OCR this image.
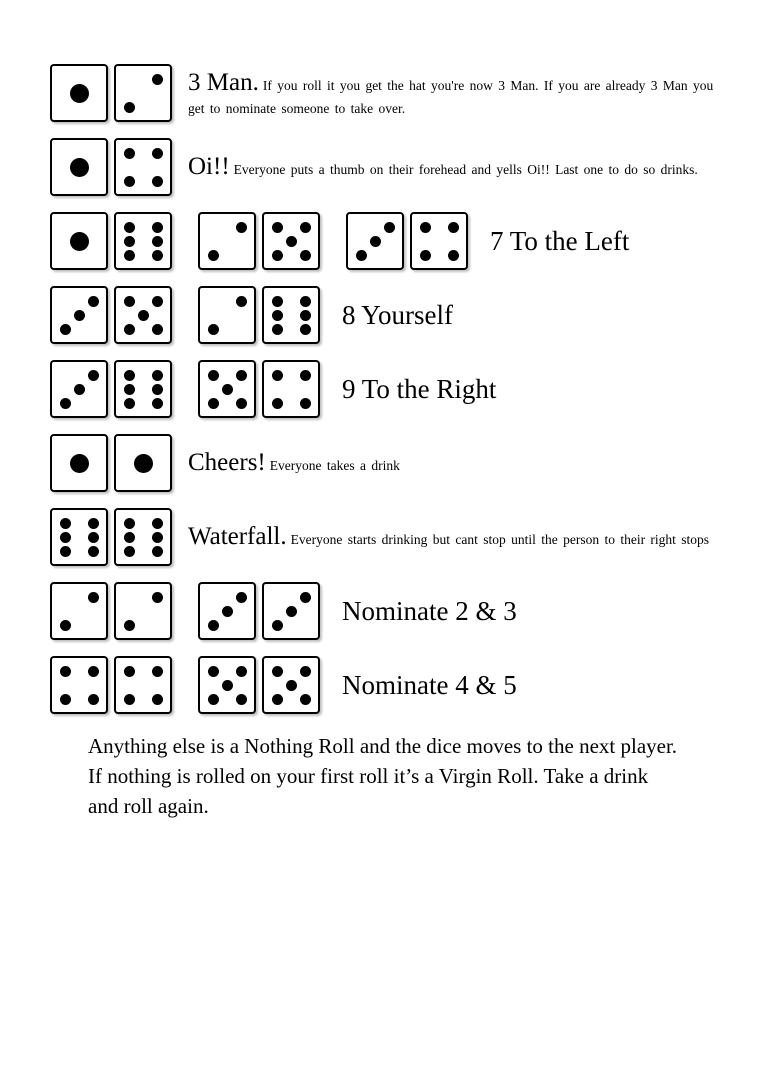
3 Man. If you roll it you get the hat you're now 3 Man. If you are already 3 Man you get to nominate someone to take over.
Oi!! Everyone puts a thumb on their forehead and yells Oi!! Last one to do so drinks.
7 To the Left
8 Yourself
9 To the Right
Cheers! Everyone takes a drink
Waterfall. Everyone starts drinking but cant stop until the person to their right stops
Nominate 2 & 3
Nominate 4 & 5
Anything else is a Nothing Roll and the dice moves to the next player. If nothing is rolled on your first roll it’s a Virgin Roll. Take a drink and roll again.
